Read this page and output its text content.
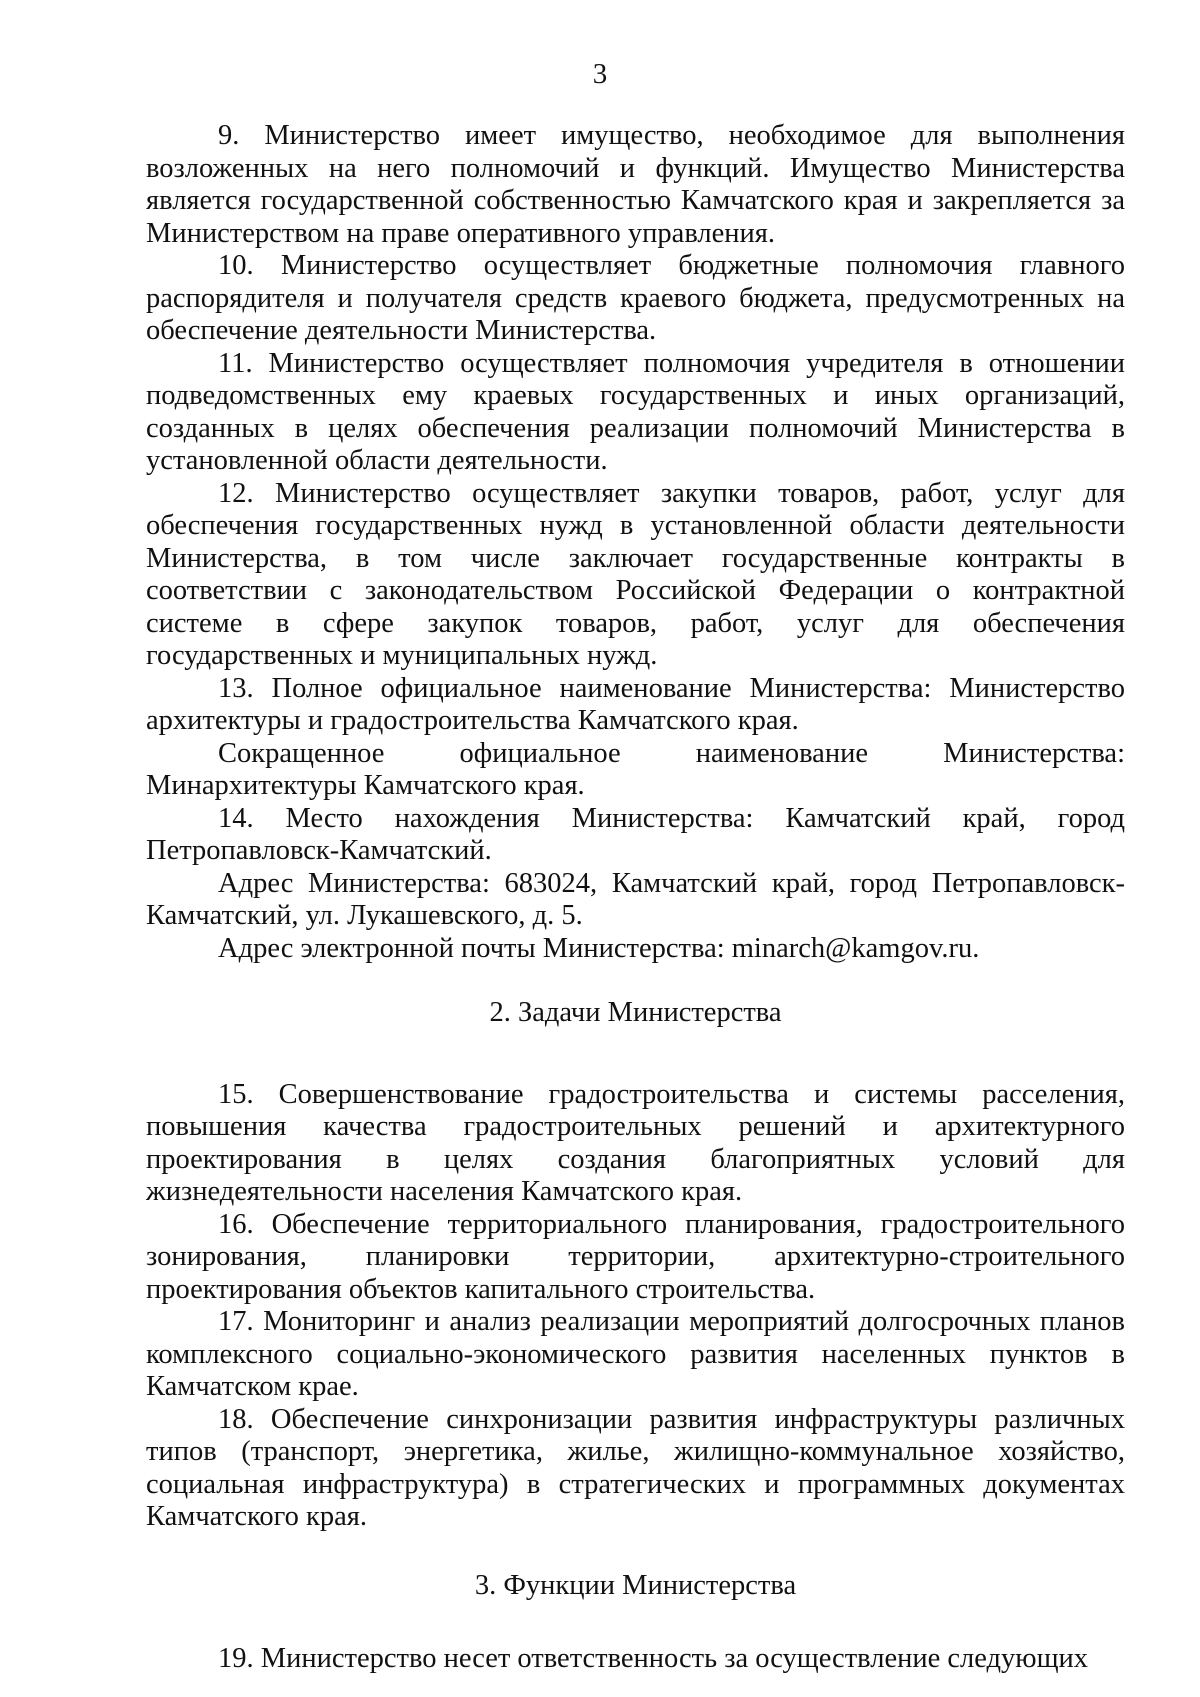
3

9. Министерство имеет имущество, необходимое для выполнения возложенных на него полномочий и функций. Имущество Министерства является государственной собственностью Камчатского края и закрепляется за Министерством на праве оперативного управления.

10. Министерство осуществляет бюджетные полномочия главного распорядителя и получателя средств краевого бюджета, предусмотренных на обеспечение деятельности Министерства.

11. Министерство осуществляет полномочия учредителя в отношении подведомственных ему краевых государственных и иных организаций, созданных в целях обеспечения реализации полномочий Министерства в установленной области деятельности.

12. Министерство осуществляет закупки товаров, работ, услуг для обеспечения государственных нужд в установленной области деятельности Министерства, в том числе заключает государственные контракты в соответствии с законодательством Российской Федерации о контрактной системе в сфере закупок товаров, работ, услуг для обеспечения государственных и муниципальных нужд.

13. Полное официальное наименование Министерства: Министерство архитектуры и градостроительства Камчатского края.

Сокращенное официальное наименование Министерства: Минархитектуры Камчатского края.

14. Место нахождения Министерства: Камчатский край, город Петропавловск-Камчатский.

Адрес Министерства: 683024, Камчатский край, город Петропавловск-Камчатский, ул. Лукашевского, д. 5.

Адрес электронной почты Министерства: minarch@kamgov.ru.

2. Задачи Министерства

15. Совершенствование градостроительства и системы расселения, повышения качества градостроительных решений и архитектурного проектирования в целях создания благоприятных условий для жизнедеятельности населения Камчатского края.

16. Обеспечение территориального планирования, градостроительного зонирования, планировки территории, архитектурно-строительного проектирования объектов капитального строительства.

17. Мониторинг и анализ реализации мероприятий долгосрочных планов комплексного социально-экономического развития населенных пунктов в Камчатском крае.

18. Обеспечение синхронизации развития инфраструктуры различных типов (транспорт, энергетика, жилье, жилищно-коммунальное хозяйство, социальная инфраструктура) в стратегических и программных документах Камчатского края.

3. Функции Министерства

19. Министерство несет ответственность за осуществление следующих
